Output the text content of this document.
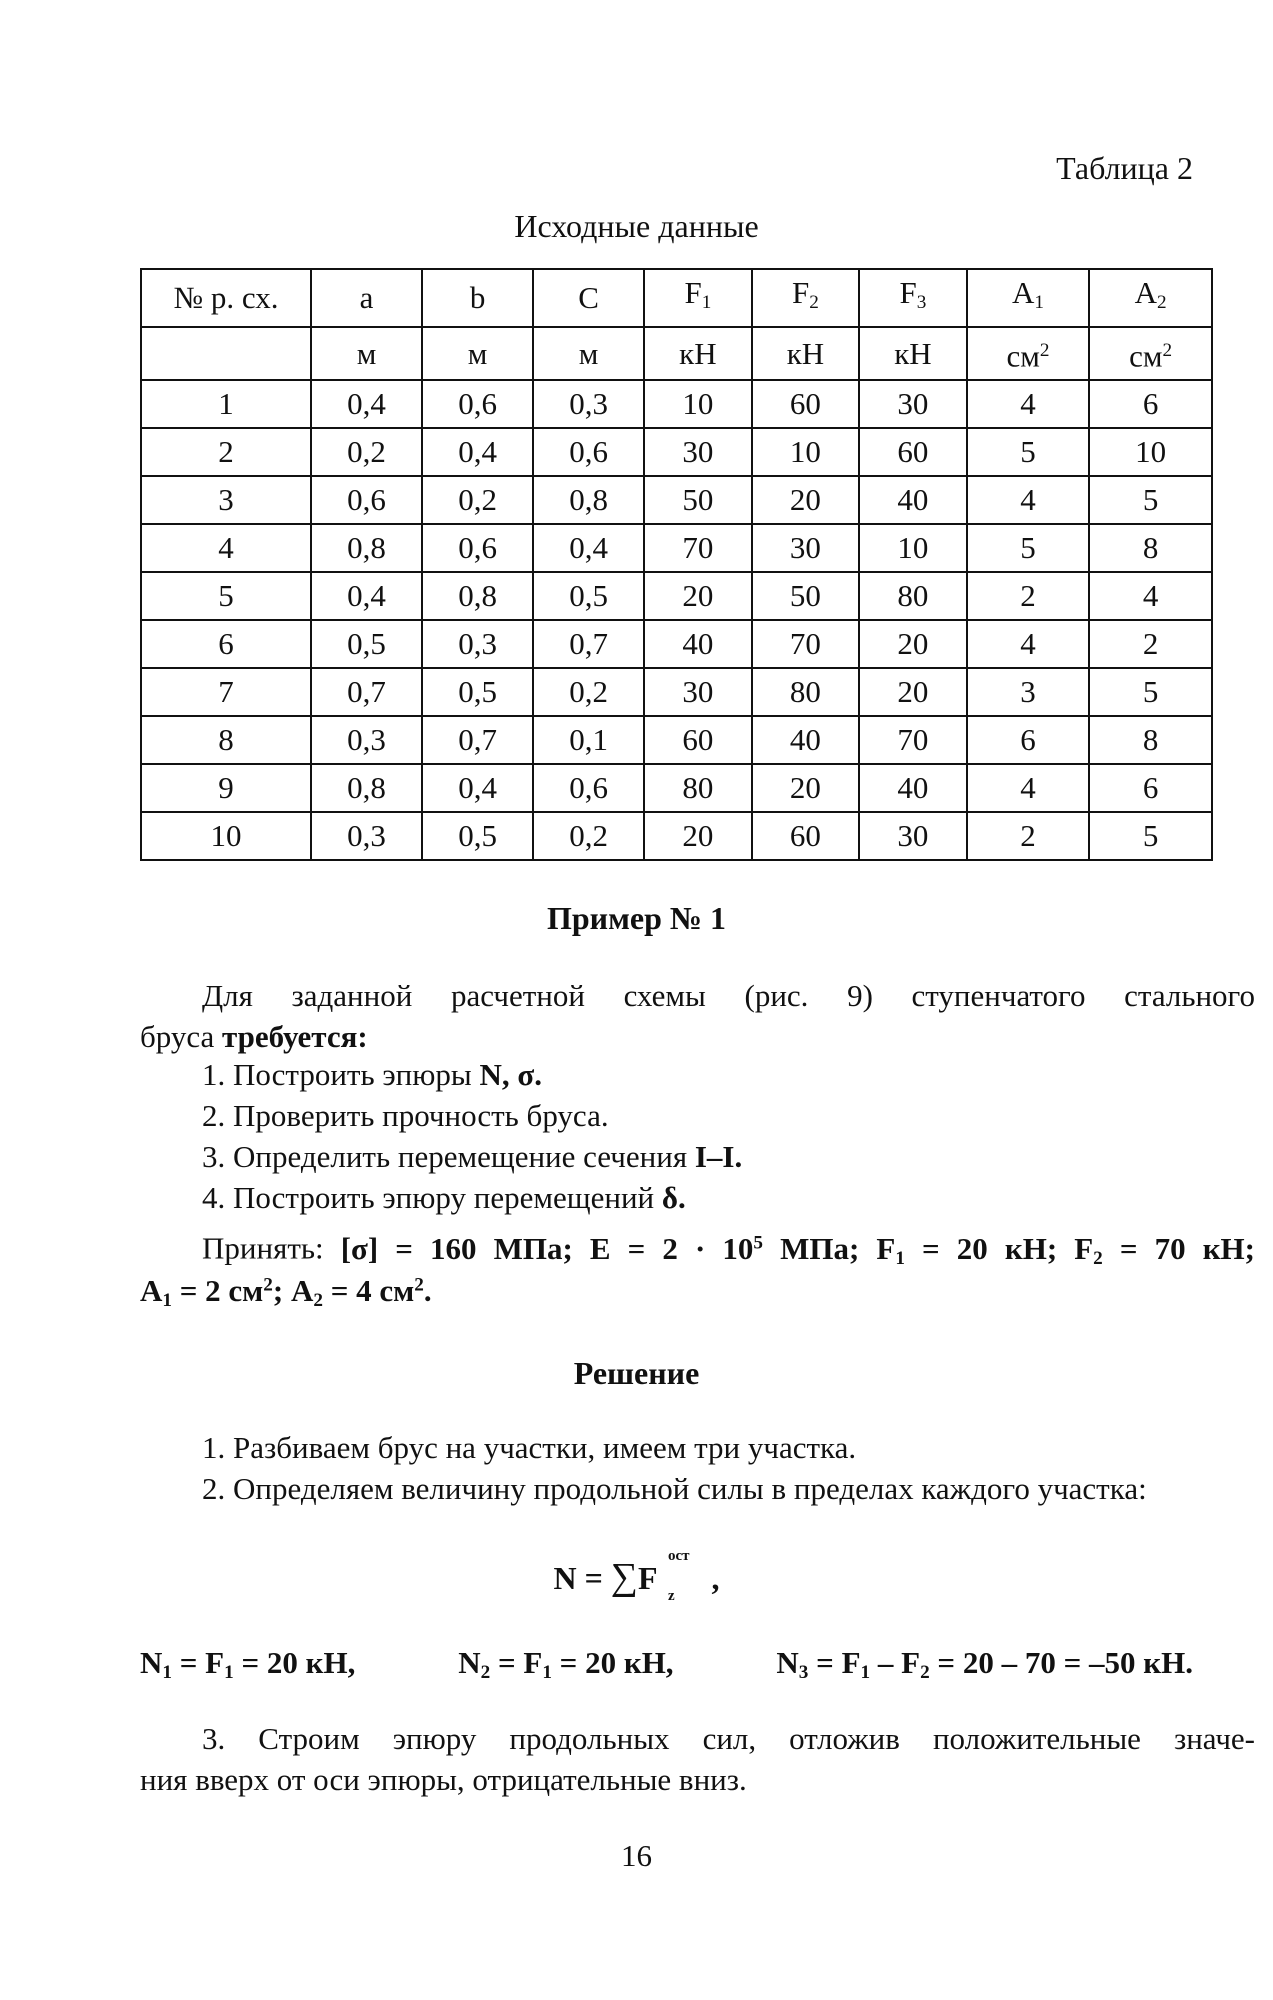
Таблица 2
Исходные данные
№ р. сх.	a	b	C	$F_1$	$F_2$	$F_3$	$A_1$	$A_2$
	м	м	м	кН	кН	кН	$см^2$	$см^2$
1	0,4	0,6	0,3	10	60	30	4	6
2	0,2	0,4	0,6	30	10	60	5	10
3	0,6	0,2	0,8	50	20	40	4	5
4	0,8	0,6	0,4	70	30	10	5	8
5	0,4	0,8	0,5	20	50	80	2	4
6	0,5	0,3	0,7	40	70	20	4	2
7	0,7	0,5	0,2	30	80	20	3	5
8	0,3	0,7	0,1	60	40	70	6	8
9	0,8	0,4	0,6	80	20	40	4	6
10	0,3	0,5	0,2	20	60	30	2	5
Пример № 1
Для заданной расчетной схемы (рис. 9) ступенчатого стального
бруса требуется:
1. Построить эпюры N, σ.
2. Проверить прочность бруса.
3. Определить перемещение сечения I–I.
4. Построить эпюру перемещений δ.
Принять: [σ] = 160 МПа; $E = 2 \cdot 10^5$ МПа; $F_1 = 20$ кН; $F_2 = 70$ кН;
$A_1 = 2$ $см^2$; $A_2 = 4$ $см^2$.
Решение
1. Разбиваем брус на участки, имеем три участка.
2. Определяем величину продольной силы в пределах каждого участка:
N = ∑F
ост
z ,
$N_1 = F_1 = 20$ кН,	$N_2 = F_1 = 20$ кН,	$N_3 = F_1 - F_2 = 20 - 70 = -50$ кН.
3. Строим эпюру продольных сил, отложив положительные значе-
ния вверх от оси эпюры, отрицательные вниз.
16
